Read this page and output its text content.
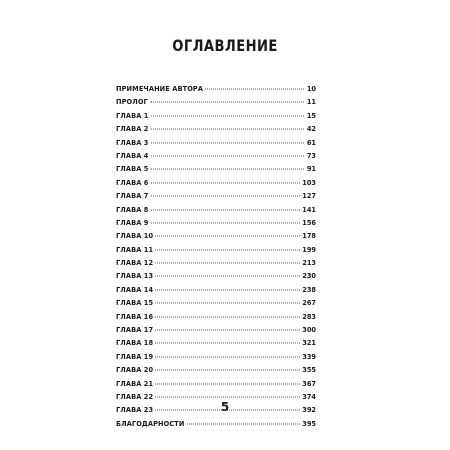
ОГЛАВЛЕНИЕ
ПРИМЕЧАНИЕ АВТОРА	10
ПРОЛОГ	11
ГЛАВА 1	15
ГЛАВА 2	42
ГЛАВА 3	61
ГЛАВА 4	73
ГЛАВА 5	91
ГЛАВА 6	103
ГЛАВА 7	127
ГЛАВА 8	141
ГЛАВА 9	156
ГЛАВА 10	178
ГЛАВА 11	199
ГЛАВА 12	213
ГЛАВА 13	230
ГЛАВА 14	238
ГЛАВА 15	267
ГЛАВА 16	283
ГЛАВА 17	300
ГЛАВА 18	321
ГЛАВА 19	339
ГЛАВА 20	355
ГЛАВА 21	367
ГЛАВА 22	374
ГЛАВА 23	392
БЛАГОДАРНОСТИ	395
5
